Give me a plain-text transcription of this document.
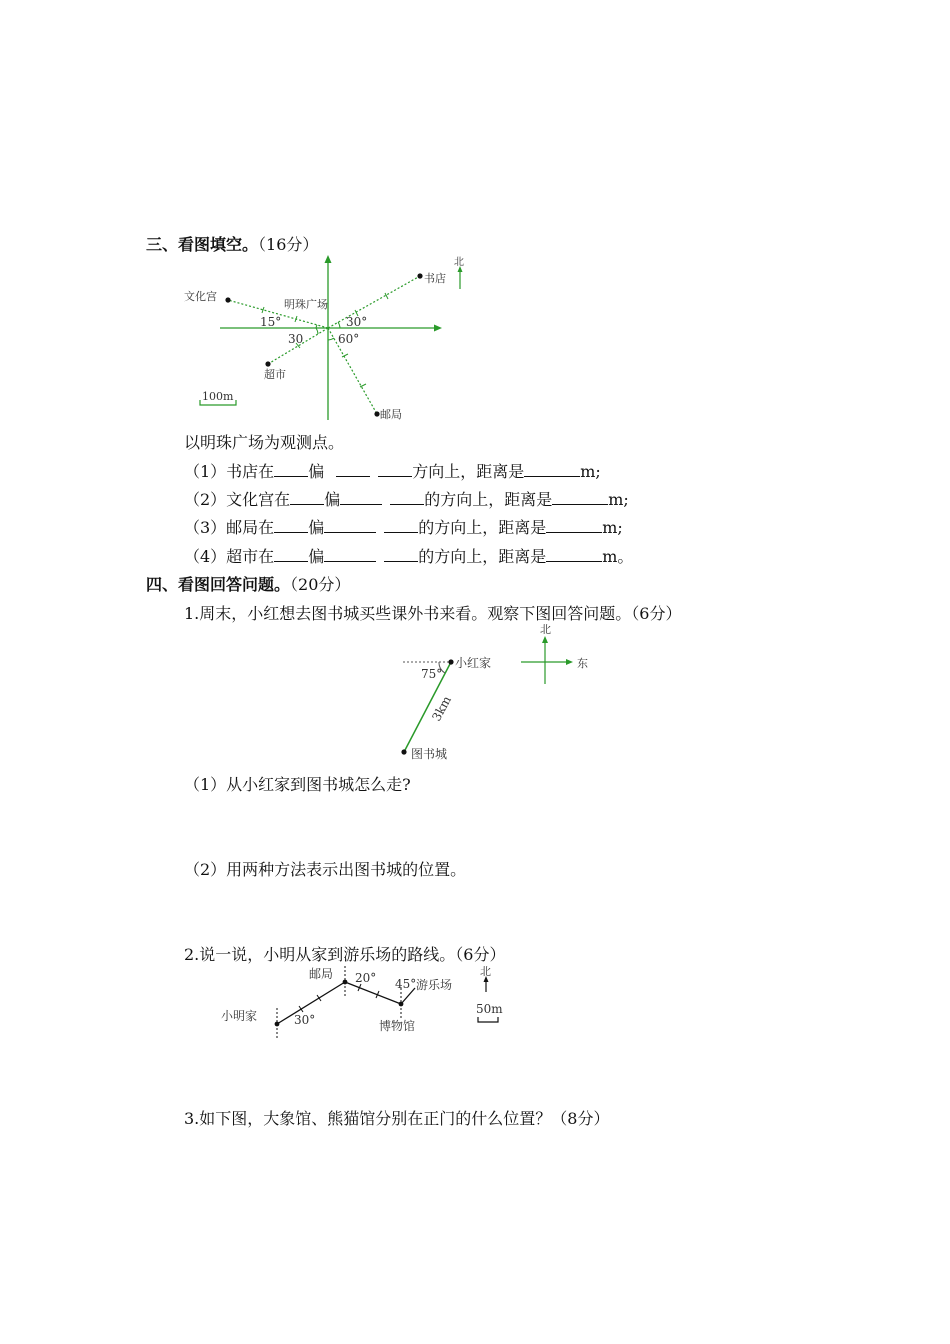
三、看图填空。（16分）
北
书店
文化宫
明珠广场
超市
邮局
15°	30°
30	60°
100m
以明珠广场为观测点。
（1）书店在 偏	方向上，距离是	m;
（2）文化宫在 偏	的方向上，距离是	m;
（3）邮局在 偏	的方向上，距离是	m;
（4）超市在 偏	的方向上，距离是	m。
四、看图回答问题。（20分）
1.周末，小红想去图书城买些课外书来看。观察下图回答问题。（6分）
小红家
图书城
75°
3km
北
东
（1）从小红家到图书城怎么走?
（2）用两种方法表示出图书城的位置。
2.说一说，小明从家到游乐场的路线。（6分）
小明家
邮局
博物馆
游乐场
30°
20° 45°
北
50m
3.如下图，大象馆、熊猫馆分别在正门的什么位置？（8分）
